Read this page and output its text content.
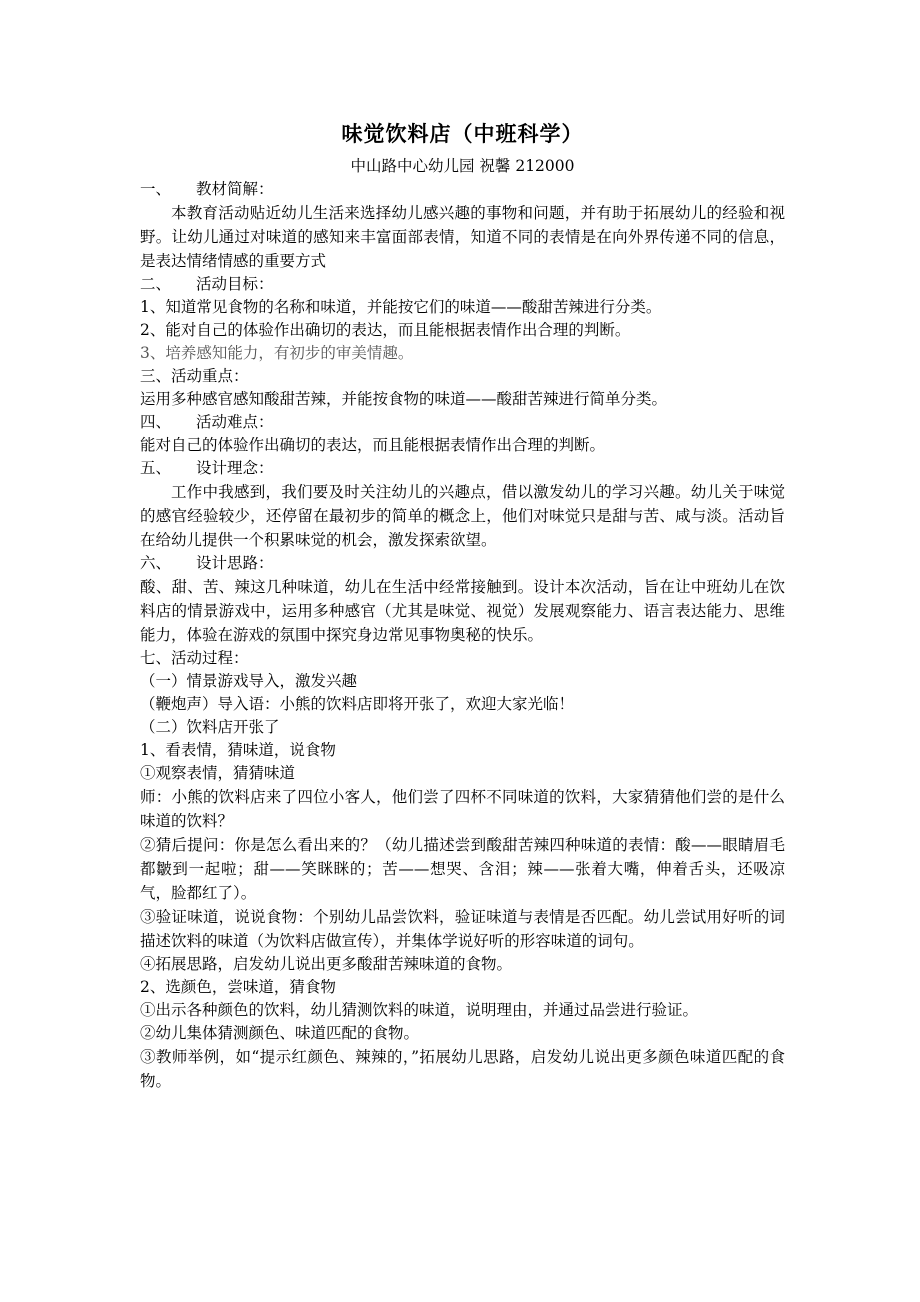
味觉饮料店（中班科学）
中山路中心幼儿园 祝馨 212000
一、 教材简解：

本教育活动贴近幼儿生活来选择幼儿感兴趣的事物和问题，并有助于拓展幼儿的经验和视野。让幼儿通过对味道的感知来丰富面部表情，知道不同的表情是在向外界传递不同的信息，是表达情绪情感的重要方式

二、 活动目标：
1、知道常见食物的名称和味道，并能按它们的味道——酸甜苦辣进行分类。
2、能对自己的体验作出确切的表达，而且能根据表情作出合理的判断。
3、培养感知能力，有初步的审美情趣。
三、活动重点：
运用多种感官感知酸甜苦辣，并能按食物的味道——酸甜苦辣进行简单分类。
四、 活动难点：
能对自己的体验作出确切的表达，而且能根据表情作出合理的判断。
五、 设计理念：

工作中我感到，我们要及时关注幼儿的兴趣点，借以激发幼儿的学习兴趣。幼儿关于味觉的感官经验较少，还停留在最初步的简单的概念上，他们对味觉只是甜与苦、咸与淡。活动旨在给幼儿提供一个积累味觉的机会，激发探索欲望。

六、 设计思路：

酸、甜、苦、辣这几种味道，幼儿在生活中经常接触到。设计本次活动，旨在让中班幼儿在饮料店的情景游戏中，运用多种感官（尤其是味觉、视觉）发展观察能力、语言表达能力、思维能力，体验在游戏的氛围中探究身边常见事物奥秘的快乐。

七、活动过程：
（一）情景游戏导入，激发兴趣
（鞭炮声）导入语：小熊的饮料店即将开张了，欢迎大家光临！
（二）饮料店开张了
1、看表情，猜味道，说食物
①观察表情，猜猜味道

师：小熊的饮料店来了四位小客人，他们尝了四杯不同味道的饮料，大家猜猜他们尝的是什么味道的饮料？

②猜后提问：你是怎么看出来的？（幼儿描述尝到酸甜苦辣四种味道的表情：酸——眼睛眉毛都皺到一起啦；甜——笑眯眯的；苦——想哭、含泪；辣——张着大嘴，伸着舌头，还吸凉气，脸都红了）。

③验证味道，说说食物：个别幼儿品尝饮料，验证味道与表情是否匹配。幼儿尝试用好听的词描述饮料的味道（为饮料店做宣传），并集体学说好听的形容味道的词句。

④拓展思路，启发幼儿说出更多酸甜苦辣味道的食物。
2、选颜色，尝味道，猜食物
①出示各种颜色的饮料，幼儿猜测饮料的味道，说明理由，并通过品尝进行验证。
②幼儿集体猜测颜色、味道匹配的食物。

③教师举例，如“提示红颜色、辣辣的，”拓展幼儿思路，启发幼儿说出更多颜色味道匹配的食物。
